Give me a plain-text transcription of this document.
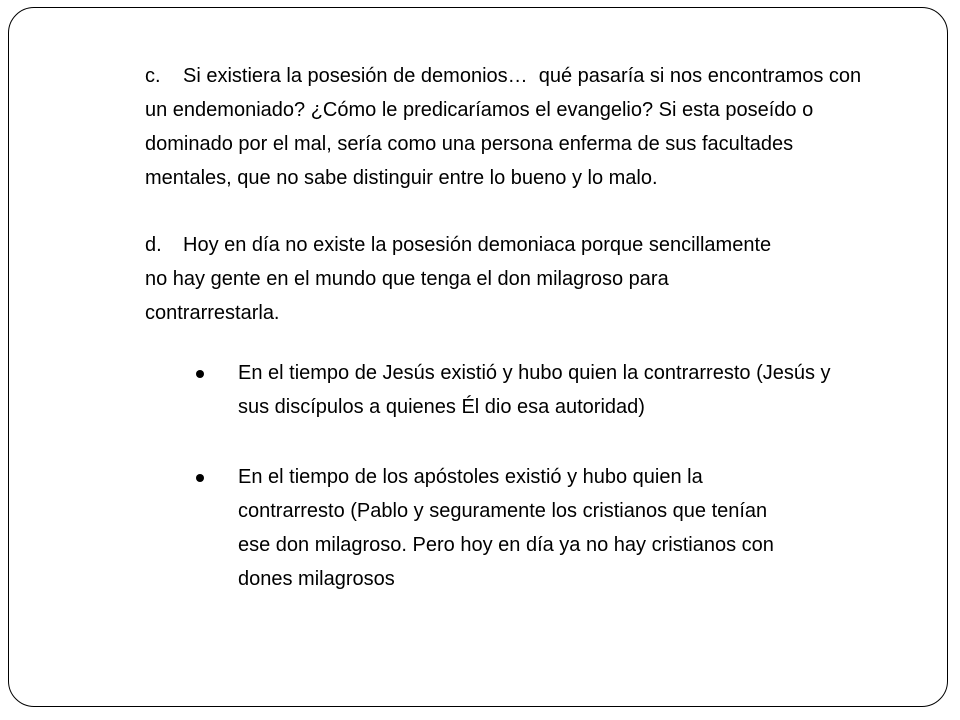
c. Si existiera la posesión de demonios…  qué pasaría si nos encontramos con
un endemoniado? ¿Cómo le predicaríamos el evangelio? Si esta poseído o
dominado por el mal, sería como una persona enferma de sus facultades
mentales, que no sabe distinguir entre lo bueno y lo malo.

d. Hoy en día no existe la posesión demoniaca porque sencillamente
no hay gente en el mundo que tenga el don milagroso para
contrarrestarla.

En el tiempo de Jesús existió y hubo quien la contrarresto (Jesús y
sus discípulos a quienes Él dio esa autoridad)
En el tiempo de los apóstoles existió y hubo quien la
contrarresto (Pablo y seguramente los cristianos que tenían
ese don milagroso. Pero hoy en día ya no hay cristianos con
dones milagrosos
